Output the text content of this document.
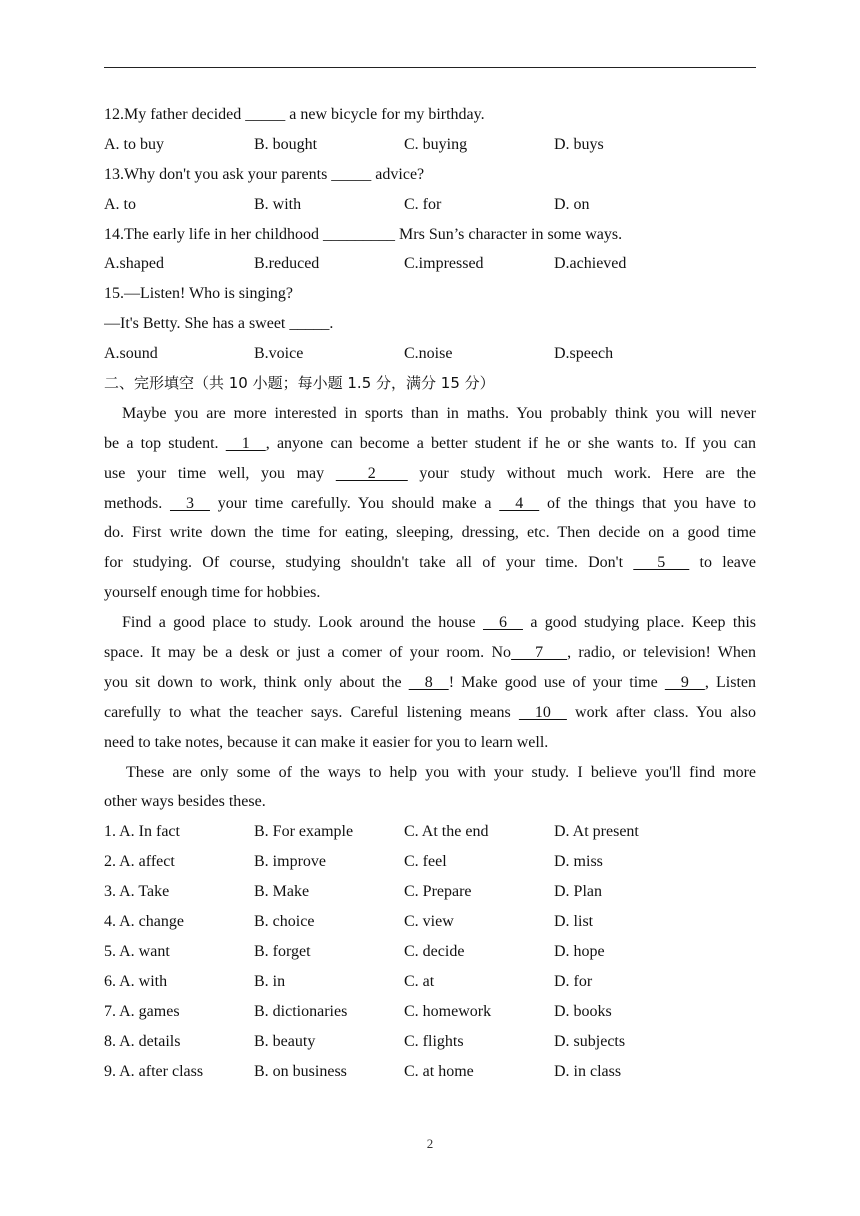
12.My father decided _____ a new bicycle for my birthday.
A. to buy	B. bought	C. buying	D. buys
13.Why don't you ask your parents _____ advice?
A. to	B. with	C. for	D. on
14.The early life in her childhood _________ Mrs Sun’s character in some ways.
A.shaped	B.reduced	C.impressed	D.achieved
15.—Listen! Who is singing?
—It's Betty. She has a sweet _____.
A.sound	B.voice	C.noise	D.speech
二、完形填空（共 10 小题；每小题 1.5 分，满分 15 分）
Maybe you are more interested in sports than in maths. You probably think you will never
be a top student.   1  , anyone can become a better student if he or she wants to. If you can
use your time well, you may     2     your study without much work. Here are the
methods.   3   your time carefully. You should make a   4   of the things that you have to
do. First write down the time for eating, sleeping, dressing, etc. Then decide on a good time
for studying. Of course, studying shouldn't take all of your time. Don't    5    to leave
yourself enough time for hobbies.
Find a good place to study. Look around the house   6   a good studying place. Keep this
space. It may be a desk or just a comer of your room. No   7   , radio, or television! When
you sit down to work, think only about the   8  ! Make good use of your time   9  , Listen
carefully to what the teacher says. Careful listening means   10   work after class. You also
need to take notes, because it can make it easier for you to learn well.
These are only some of the ways to help you with your study. I believe you'll find more
other ways besides these.
1. A. In fact	B. For example	C. At the end	D. At present
2. A. affect	B. improve	C. feel	D. miss
3. A. Take	B. Make	C. Prepare	D. Plan
4. A. change	B. choice	C. view	D. list
5. A. want	B. forget	C. decide	D. hope
6. A. with	B. in	C. at	D. for
7. A. games	B. dictionaries	C. homework	D. books
8. A. details	B. beauty	C. flights	D. subjects
9. A. after class	B. on business	C. at home	D. in class
2
